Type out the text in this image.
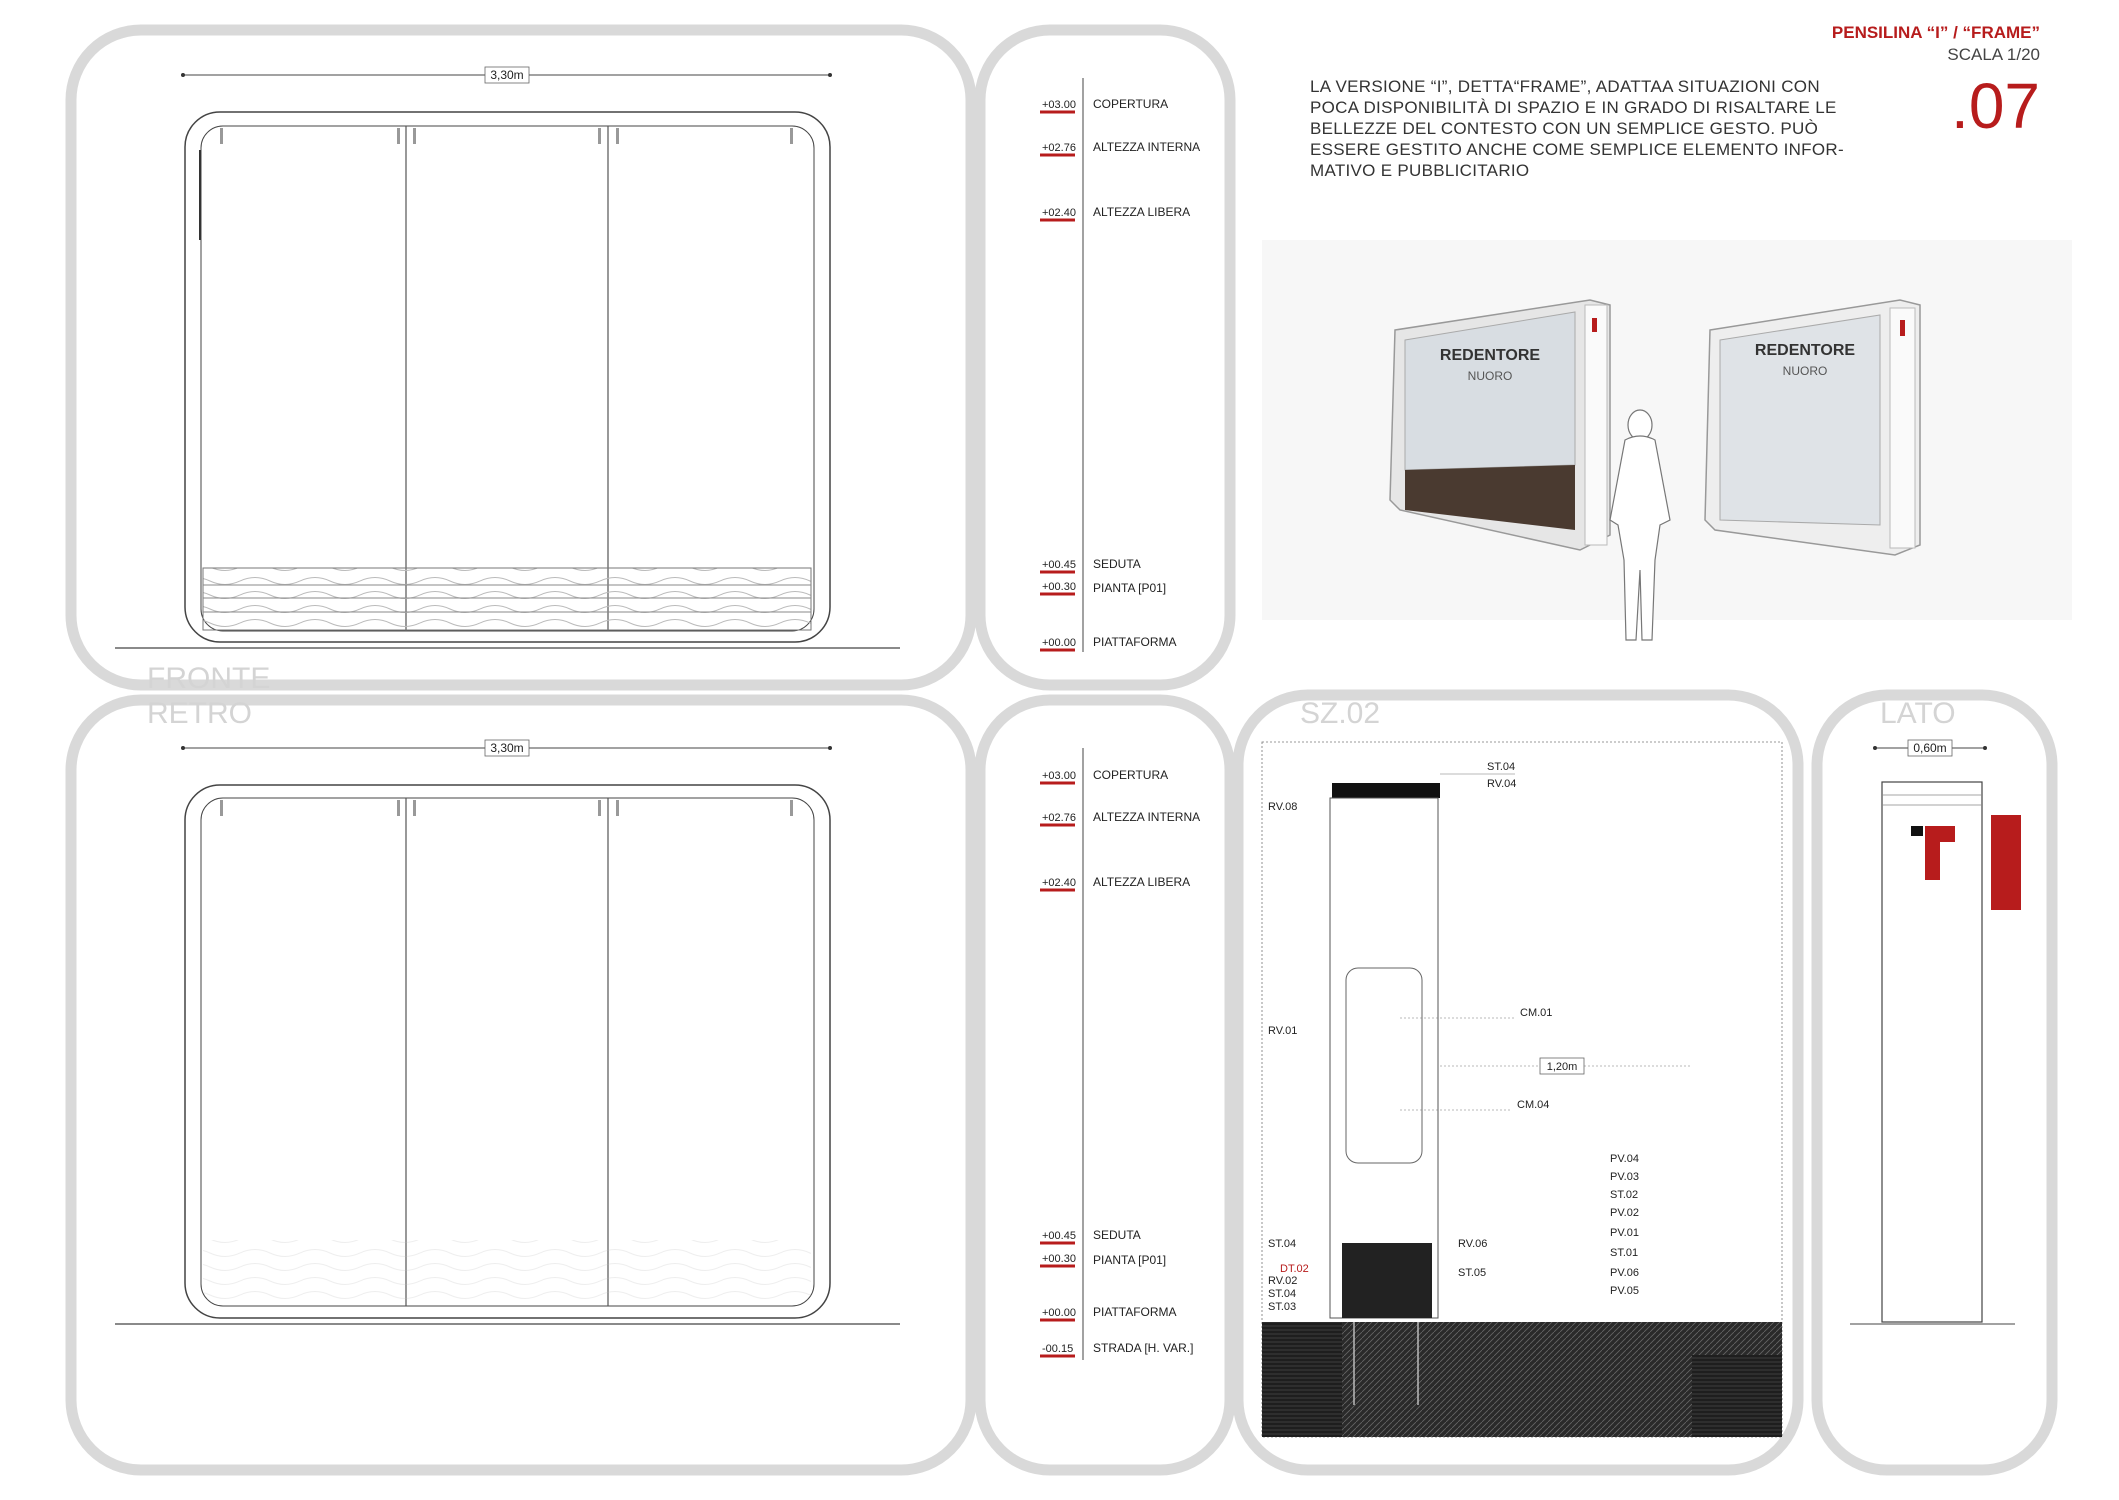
PENSILINA “I” / “FRAME”
SCALA 1/20
.07
LA VERSIONE “I”, DETTA“FRAME”, ADATTAA SITUAZIONI CON
POCA DISPONIBILITÀ DI SPAZIO E IN GRADO DI RISALTARE LE
BELLEZZE DEL CONTESTO CON UN SEMPLICE GESTO. PUÒ
ESSERE GESTITO ANCHE COME SEMPLICE ELEMENTO INFOR-
MATIVO E PUBBLICITARIO
REDENTORE
NUORO
REDENTORE
NUORO
3,30m
FRONTE
RETRO
3,30m
+03.00 COPERTURA
+02.76 ALTEZZA INTERNA
+02.40 ALTEZZA LIBERA
+00.45 SEDUTA
+00.30 PIANTA [P01]
+00.00 PIATTAFORMA
+03.00 COPERTURA
+02.76 ALTEZZA INTERNA
+02.40 ALTEZZA LIBERA
+00.45 SEDUTA
+00.30 PIANTA [P01]
+00.00 PIATTAFORMA
-00.15 STRADA [H. VAR.]
SZ.02
ST.04
RV.04
RV.08
RV.01
CM.01
CM.04
1,20m
PV.04
PV.03
ST.02
PV.02
PV.01
ST.01
PV.06
PV.05
ST.04	RV.06
ST.05
DT.02
RV.02
ST.04
ST.03
LATO
0,60m
